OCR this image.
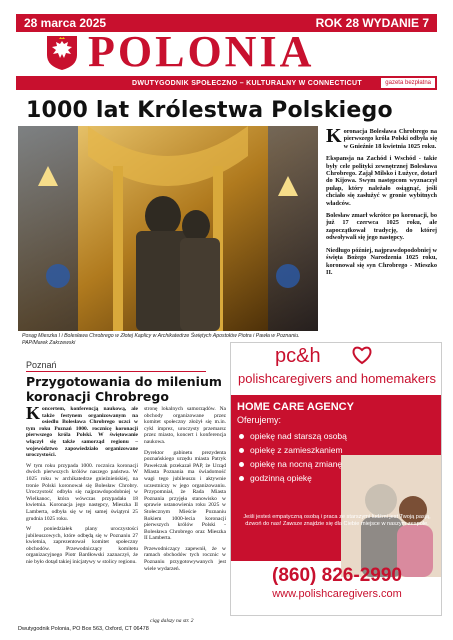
28 marca 2025	ROK 28 WYDANIE 7
POLONIA
DWUTYGODNIK SPOŁECZNO – KULTURALNY W CONNECTICUT	gazeta bezpłatna
1000 lat Królestwa Polskiego
Posąg Mieszka I i Bolesława Chrobrego w Złotej Kaplicy w Archikatedrze Świętych Apostołów Piotra i Pawła w Poznaniu. PAP/Marek Zakrzewski

Koronacja Bolesława Chrobrego na pierwszego króla Polski odbyła się w Gnieźnie 18 kwietnia 1025 roku.

Ekspansja na Zachód i Wschód - takie były cele polityki zewnętrznej Bolesława Chrobrego. Zajął Milsko i Łużyce, dotarł do Kijowa. Swym następcom wyznaczył pułap, który należało osiągnąć, jeśli chciało się zasłużyć w gronie wybitnych władców.

Bolesław zmarł wkrótce po koronacji, bo już 17 czerwca 1025 roku, ale zapoczątkował tradycję, do której odwoływali się jego następcy.

Niedługo później, najprawdopodobniej w święta Bożego Narodzenia 1025 roku, koronował się syn Chrobrego - Mieszko II.

Poznań
Przygotowania do milenium koronacji Chrobrego

Koncertem, konferencją naukową, ale także festynem organizowanym na osiedlu Bolesława Chrobrego uczci w tym roku Poznań 1000. rocznicę koronacji pierwszego króla Polski. W świętowanie włączył się także samorząd regionu – województwo zapowiedziało organizowane uroczystości.

W tym roku przypada 1000. rocznica koronacji dwóch pierwszych królów naszego państwa. W 1025 roku w archikatedrze gnieźnieńskiej, na tronie Polski koronował się Bolesław Chrobry. Uroczystość odbyła się najprawdopodobniej w Wielkanoc, która wówczas przypadała 18 kwietnia. Koronacja jego następcy, Mieszka II Lamberta, odbyła się w tej samej świątyni 25 grudnia 1025 roku.

W poniedziałek plany uroczystości jubileuszowych, które odbędą się w Poznaniu 27 kwietnia, zaprezentował komitet społeczny obchodów. Przewodniczący komitetu organizacyjnego Piotr Bardłowski zaznaczył, że nie było dotąd takiej inicjatywy w stolicy regionu.

stronę lokalnych samorządów. Na obchody organizowane przez komitet społeczny złożył się m.in. cykl imprez, uroczysty przemarsz przez miasto, koncert i konferencja naukowa.

Dyrektor gabinetu prezydenta poznańskiego urzędu miasta Patryk Pawełczak przekazał PAP, że Urząd Miasta Poznania ma świadomość wagi tego jubileuszu i aktywnie uczestniczy w jego organizowaniu. Przypomniał, że Rada Miasta Poznania przyjęła stanowisko w sprawie ustanowienia roku 2025 w Stołecznym Mieście Poznaniu Rokiem 1000-lecia koronacji pierwszych królów Polski - Bolesława Chrobrego oraz Mieszka II Lamberta.

Przewodniczący zapewnił, że w ramach obchodów tych rocznic w Poznaniu przygotowywanych jest wiele wydarzeń.

ciąg dalszy na str. 2
pc&h
polishcaregivers and homemakers
HOME CARE AGENCY
Oferujemy:
opiekę nad starszą osobą
opiekę z zamieszkaniem
opiekę na nocną zmianę
godzinną opiekę
Jeśli jesteś empatyczną osobą i praca ze starszymi ludźmi jest Twoją pasją, dzwoń do nas! Zawsze znajdzie się dla Ciebie miejsce w naszym zespole.
(860) 826-2990
www.polishcaregivers.com
Dwutygodnik Polonia, PO Box 563, Oxford, CT 06478
